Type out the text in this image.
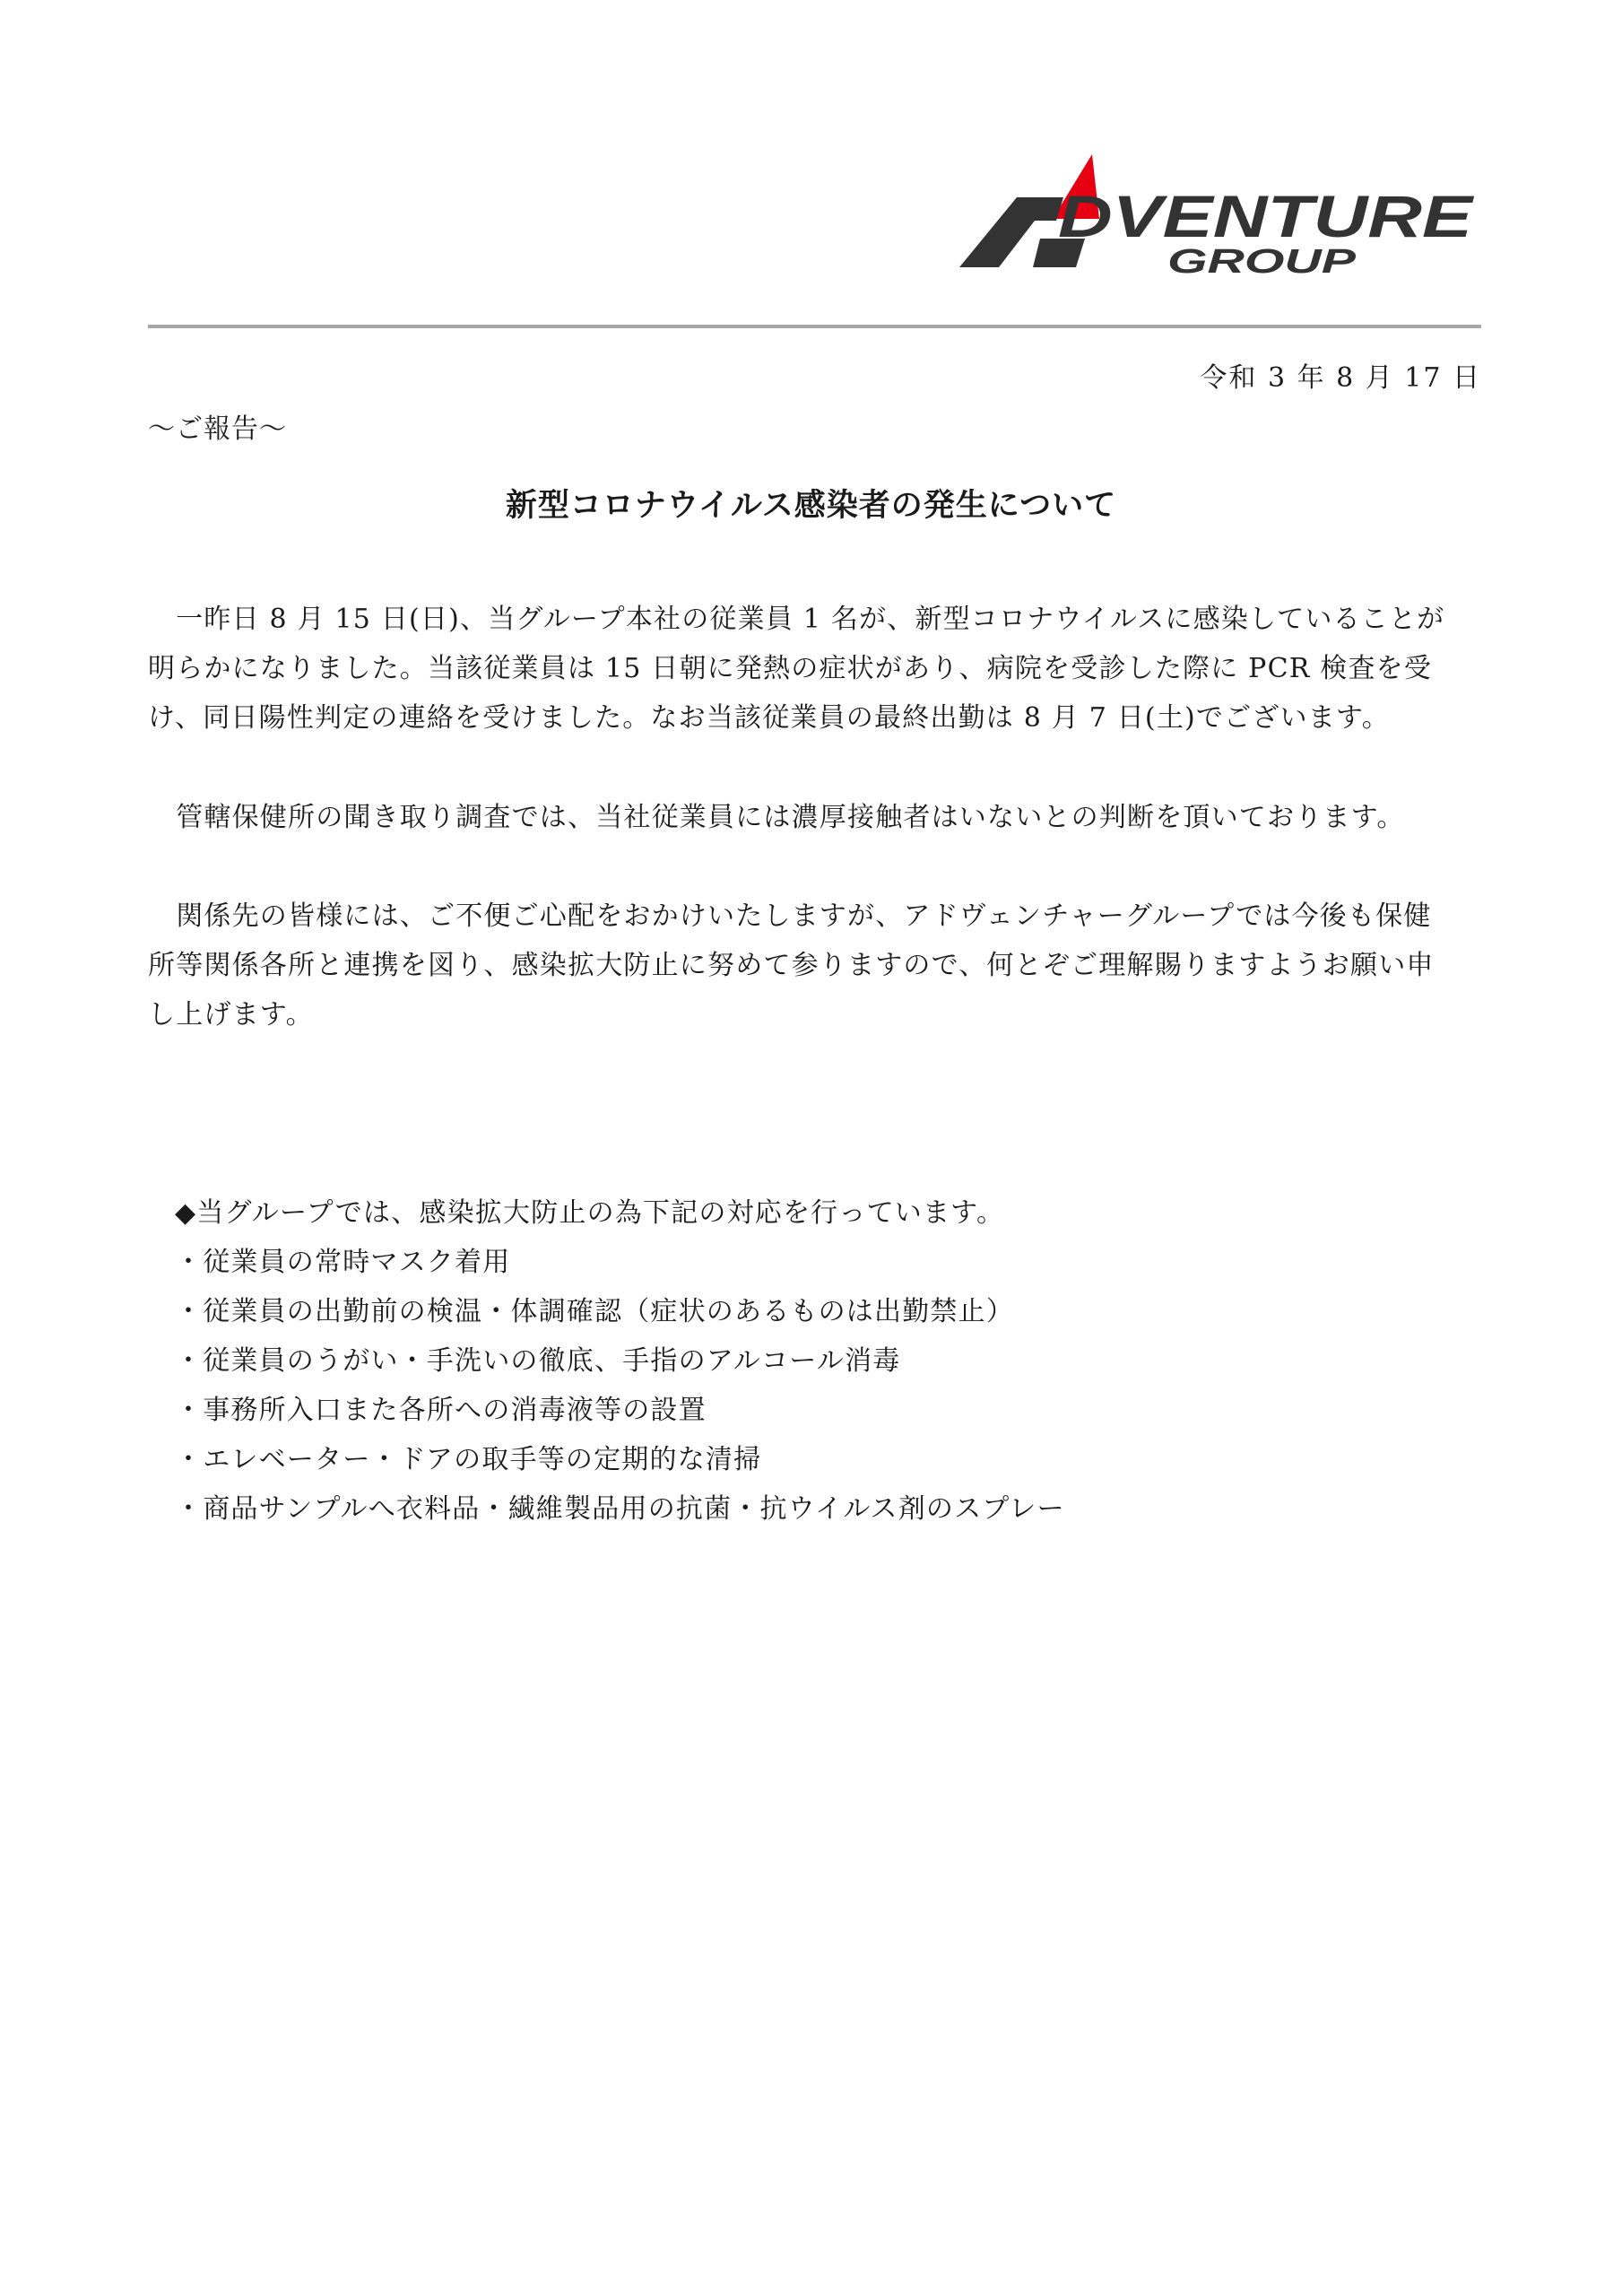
DVENTURE
GROUP
令和 3 年 8 月 17 日
〜ご報告〜
新型コロナウイルス感染者の発生について
　一昨日 8 月 15 日(日)、当グループ本社の従業員 1 名が、新型コロナウイルスに感染していることが
明らかになりました。当該従業員は 15 日朝に発熱の症状があり、病院を受診した際に PCR 検査を受
け、同日陽性判定の連絡を受けました。なお当該従業員の最終出勤は 8 月 7 日(土)でございます。
　管轄保健所の聞き取り調査では、当社従業員には濃厚接触者はいないとの判断を頂いております。
　関係先の皆様には、ご不便ご心配をおかけいたしますが、アドヴェンチャーグループでは今後も保健
所等関係各所と連携を図り、感染拡大防止に努めて参りますので、何とぞご理解賜りますようお願い申
し上げます。
◆当グループでは、感染拡大防止の為下記の対応を行っています。
・従業員の常時マスク着用
・従業員の出勤前の検温・体調確認（症状のあるものは出勤禁止）
・従業員のうがい・手洗いの徹底、手指のアルコール消毒
・事務所入口また各所への消毒液等の設置
・エレベーター・ドアの取手等の定期的な清掃
・商品サンプルへ衣料品・繊維製品用の抗菌・抗ウイルス剤のスプレー
